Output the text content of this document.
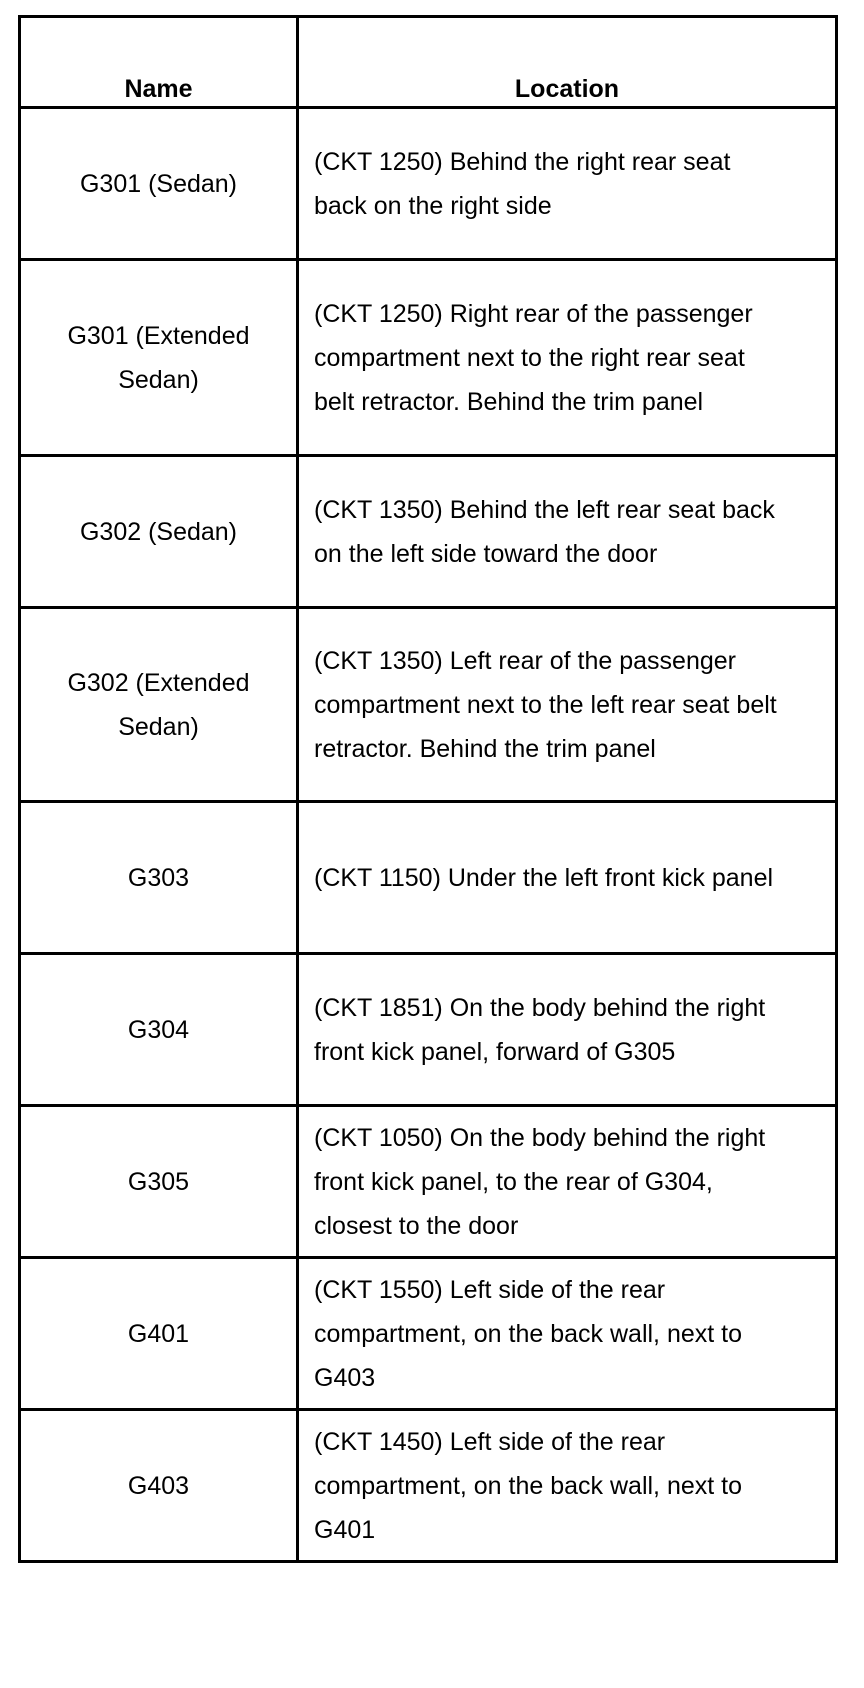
Name	Location

G301 (Sedan)	(CKT 1250) Behind the right rear seat back on the right side

G301 (Extended Sedan)	(CKT 1250) Right rear of the passenger compartment next to the right rear seat belt retractor. Behind the trim panel

G302 (Sedan)	(CKT 1350) Behind the left rear seat back on the left side toward the door

G302 (Extended Sedan)	(CKT 1350) Left rear of the passenger compartment next to the left rear seat belt retractor. Behind the trim panel

G303	(CKT 1150) Under the left front kick panel

G304	(CKT 1851) On the body behind the right front kick panel, forward of G305

G305	(CKT 1050) On the body behind the right front kick panel, to the rear of G304, closest to the door

G401	(CKT 1550) Left side of the rear compartment, on the back wall, next to G403

G403	(CKT 1450) Left side of the rear compartment, on the back wall, next to G401
